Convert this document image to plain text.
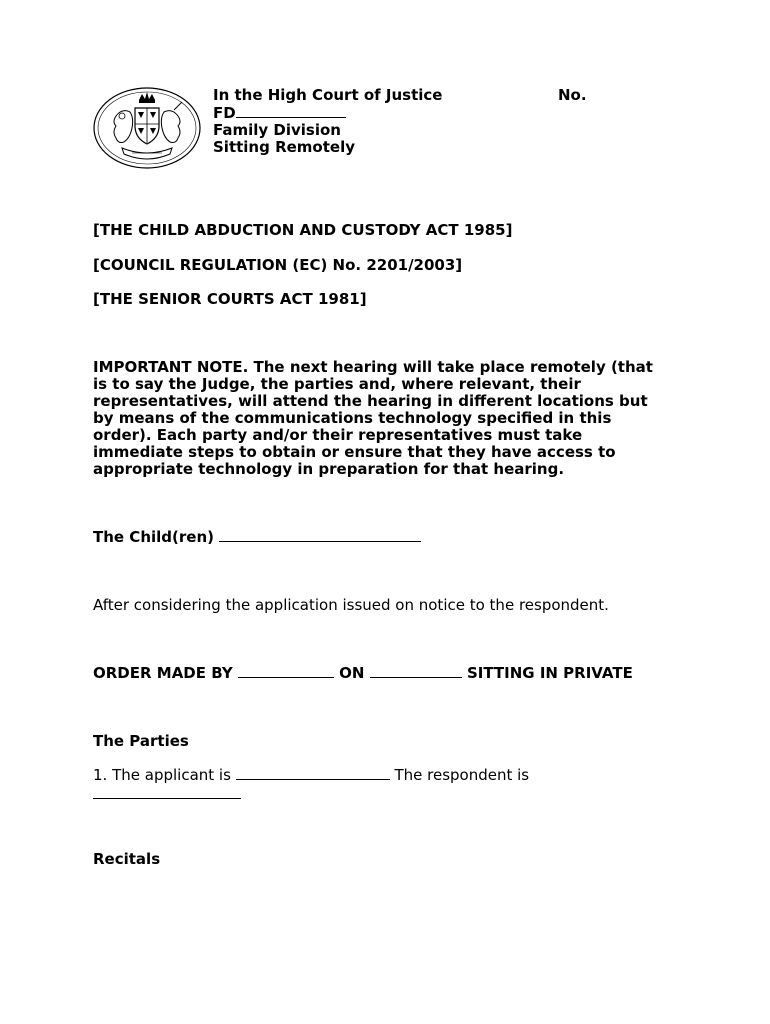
In the High Court of Justice
FD
Family Division
Sitting Remotely
No.
[THE CHILD ABDUCTION AND CUSTODY ACT 1985]
[COUNCIL REGULATION (EC) No. 2201/2003]
[THE SENIOR COURTS ACT 1981]
IMPORTANT NOTE. The next hearing will take place remotely (that
is to say the Judge, the parties and, where relevant, their
representatives, will attend the hearing in different locations but
by means of the communications technology specified in this
order). Each party and/or their representatives must take
immediate steps to obtain or ensure that they have access to
appropriate technology in preparation for that hearing.
The Child(ren)
After considering the application issued on notice to the respondent.
ORDER MADE BY	ON	SITTING IN PRIVATE
The Parties
1. The applicant is	The respondent is
Recitals
